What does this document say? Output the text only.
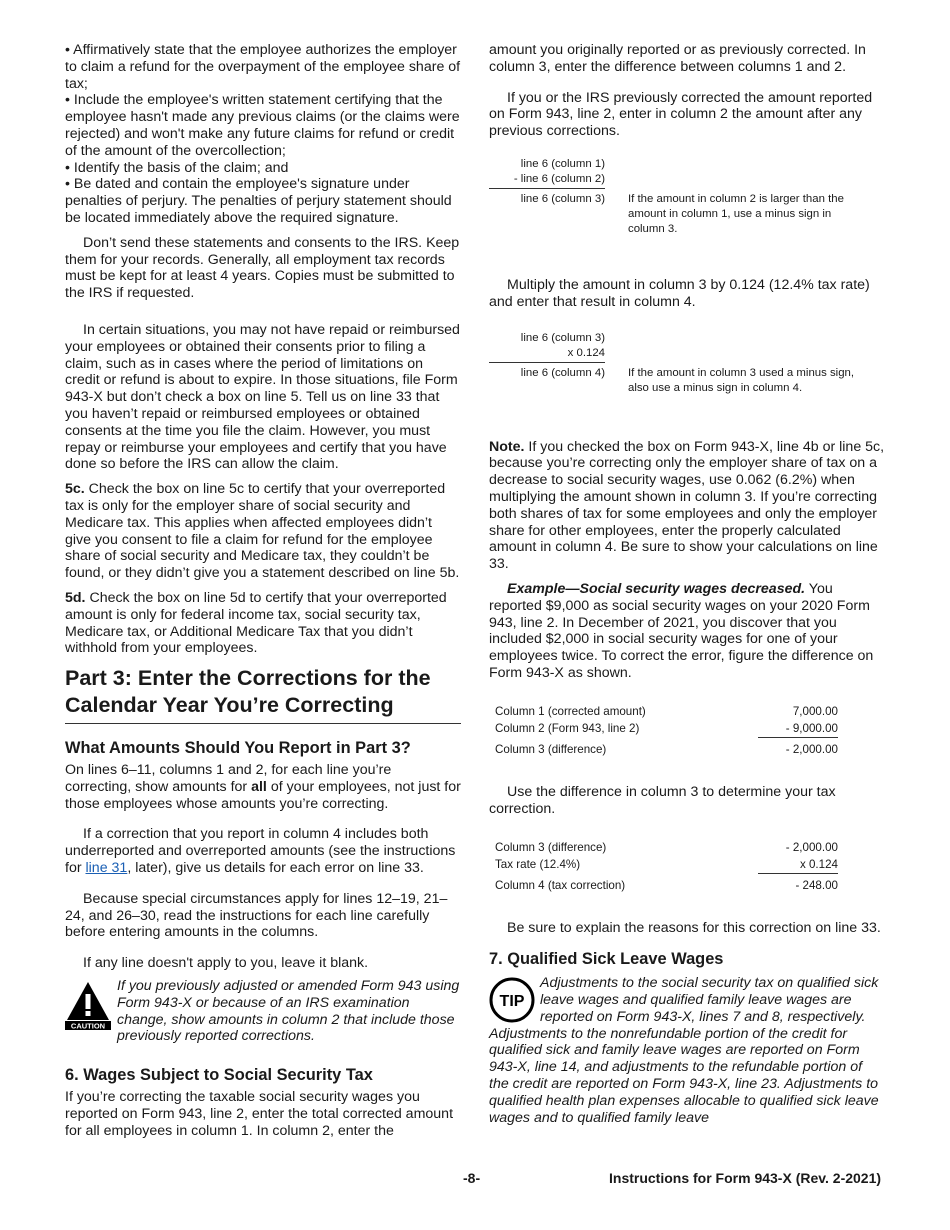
• Affirmatively state that the employee authorizes the employer to claim a refund for the overpayment of the employee share of tax;
• Include the employee's written statement certifying that the employee hasn't made any previous claims (or the claims were rejected) and won't make any future claims for refund or credit of the amount of the overcollection;
• Identify the basis of the claim; and
• Be dated and contain the employee's signature under penalties of perjury. The penalties of perjury statement should be located immediately above the required signature.

Don’t send these statements and consents to the IRS. Keep them for your records. Generally, all employment tax records must be kept for at least 4 years. Copies must be submitted to the IRS if requested.

In certain situations, you may not have repaid or reimbursed your employees or obtained their consents prior to filing a claim, such as in cases where the period of limitations on credit or refund is about to expire. In those situations, file Form 943-X but don’t check a box on line 5. Tell us on line 33 that you haven’t repaid or reimbursed employees or obtained consents at the time you file the claim. However, you must repay or reimburse your employees and certify that you have done so before the IRS can allow the claim.

5c. Check the box on line 5c to certify that your overreported tax is only for the employer share of social security and Medicare tax. This applies when affected employees didn’t give you consent to file a claim for refund for the employee share of social security and Medicare tax, they couldn’t be found, or they didn’t give you a statement described on line 5b.

5d. Check the box on line 5d to certify that your overreported amount is only for federal income tax, social security tax, Medicare tax, or Additional Medicare Tax that you didn’t withhold from your employees.

Part 3: Enter the Corrections for the Calendar Year You’re Correcting
What Amounts Should You Report in Part 3?

On lines 6–11, columns 1 and 2, for each line you’re correcting, show amounts for all of your employees, not just for those employees whose amounts you’re correcting.

If a correction that you report in column 4 includes both underreported and overreported amounts (see the instructions for line 31, later), give us details for each error on line 33.

Because special circumstances apply for lines 12–19, 21–24, and 26–30, read the instructions for each line carefully before entering amounts in the columns.

If any line doesn't apply to you, leave it blank.

CAUTION

If you previously adjusted or amended Form 943 using Form 943-X or because of an IRS examination change, show amounts in column 2 that include those previously reported corrections.

6. Wages Subject to Social Security Tax

If you’re correcting the taxable social security wages you reported on Form 943, line 2, enter the total corrected amount for all employees in column 1. In column 2, enter the

amount you originally reported or as previously corrected. In column 3, enter the difference between columns 1 and 2.

If you or the IRS previously corrected the amount reported on Form 943, line 2, enter in column 2 the amount after any previous corrections.

line 6 (column 1)
- line 6 (column 2)
line 6 (column 3) If the amount in column 2 is larger than the amount in column 1, use a minus sign in column 3.

Multiply the amount in column 3 by 0.124 (12.4% tax rate) and enter that result in column 4.

line 6 (column 3)
x 0.124
line 6 (column 4) If the amount in column 3 used a minus sign, also use a minus sign in column 4.

Note. If you checked the box on Form 943-X, line 4b or line 5c, because you’re correcting only the employer share of tax on a decrease to social security wages, use 0.062 (6.2%) when multiplying the amount shown in column 3. If you’re correcting both shares of tax for some employees and only the employer share for other employees, enter the properly calculated amount in column 4. Be sure to show your calculations on line 33.

Example—Social security wages decreased. You reported $9,000 as social security wages on your 2020 Form 943, line 2. In December of 2021, you discover that you included $2,000 in social security wages for one of your employees twice. To correct the error, figure the difference on Form 943-X as shown.

Column 1 (corrected amount)	7,000.00
Column 2 (Form 943, line 2)	- 9,000.00
Column 3 (difference)	- 2,000.00

Use the difference in column 3 to determine your tax correction.

Column 3 (difference)	- 2,000.00
Tax rate (12.4%)	x 0.124
Column 4 (tax correction)	- 248.00

Be sure to explain the reasons for this correction on line 33.

7. Qualified Sick Leave Wages
TIP

Adjustments to the social security tax on qualified sick leave wages and qualified family leave wages are reported on Form 943-X, lines 7 and 8, respectively. Adjustments to the nonrefundable portion of the credit for qualified sick and family leave wages are reported on Form 943-X, line 14, and adjustments to the refundable portion of the credit are reported on Form 943-X, line 23. Adjustments to qualified health plan expenses allocable to qualified sick leave wages and to qualified family leave

-8-	Instructions for Form 943-X (Rev. 2-2021)
